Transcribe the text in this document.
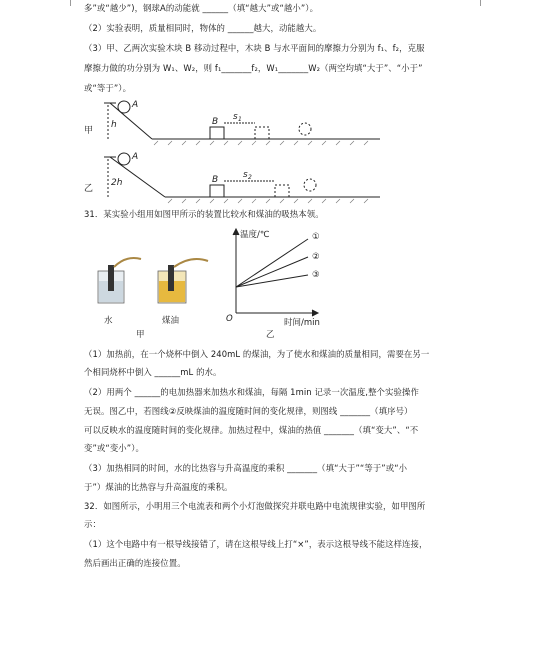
多”或“越少”)，钢球A的动能就 ______（填“越大”或“越小”）。
（2）实验表明，质量相同时，物体的 ______越大，动能越大。
（3）甲、乙两次实验木块 B 移动过程中，木块 B 与水平面间的摩擦力分别为 f₁、f₂，克服
摩擦力做的功分别为 W₁、W₂，则 f₁_______f₂，W₁_______W₂（两空均填“大于”、“小于”
或“等于”）。
甲
乙
A
A
B
B
h
2h
s 1
s 2
31．某实验小组用如图甲所示的装置比较水和煤油的吸热本领。
水	煤油
甲	乙
温度/℃
时间/min
O
①
②
③
（1）加热前，在一个烧杯中倒入 240mL 的煤油，为了使水和煤油的质量相同，需要在另一
个相同烧杯中倒入 ______mL 的水。
（2）用两个 ______的电加热器来加热水和煤油，每隔 1min 记录一次温度,整个实验操作
无误。图乙中，若图线②反映煤油的温度随时间的变化规律，则图线 _______（填序号）
可以反映水的温度随时间的变化规律。加热过程中，煤油的热值 _______（填“变大”、“不
变”或“变小”）。
（3）加热相同的时间，水的比热容与升高温度的乘积 _______（填“大于”“等于”或“小
于”）煤油的比热容与升高温度的乘积。
32．如图所示，小明用三个电流表和两个小灯泡做探究并联电路中电流规律实验，如甲图所
示：
（1）这个电路中有一根导线接错了，请在这根导线上打“×”，表示这根导线不能这样连接，
然后画出正确的连接位置。
